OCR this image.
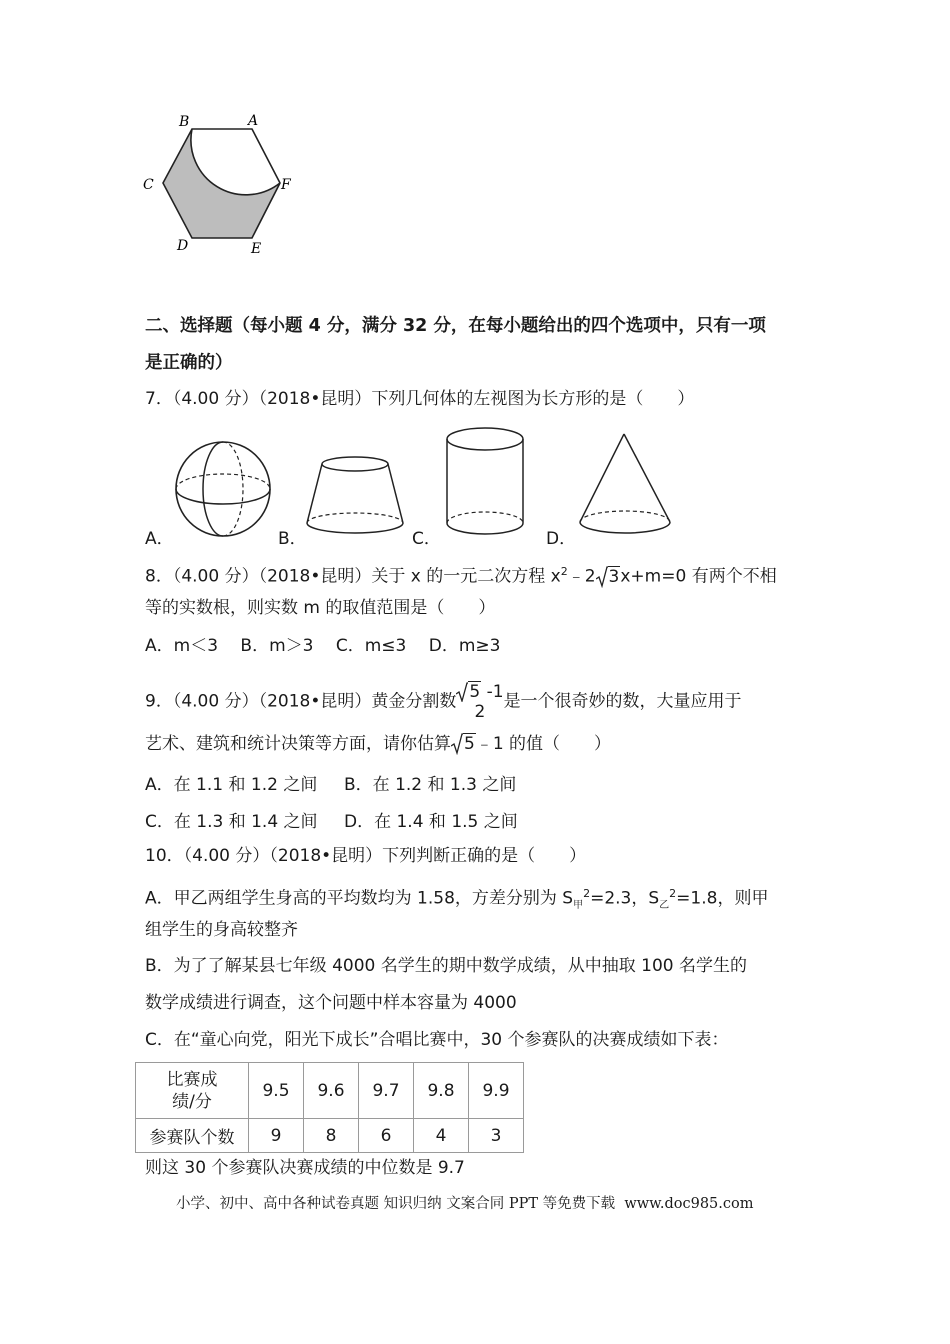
B	A
C	F
D	E
二、选择题（每小题 4 分，满分 32 分，在每小题给出的四个选项中，只有一项
是正确的）
7．（4.00 分）（2018•昆明）下列几何体的左视图为长方形的是（　　）
A．	B．	C．	D．
8．（4.00 分）（2018•昆明）关于 x 的一元二次方程 $x^2﹣2$ 3x+m=0 有两个不相
等的实数根，则实数 m 的取值范围是（　　）
A．m＜3　 B．m＞3　 C．m≤3　 D．m≥3
9．（4.00 分）（2018•昆明）黄金分割数 5 -1
2
是一个很奇妙的数，大量应用于
艺术、建筑和统计决策等方面，请你估算 5﹣1 的值（　　）
A．在 1.1 和 1.2 之间 B．在 1.2 和 1.3 之间
C．在 1.3 和 1.4 之间 D．在 1.4 和 1.5 之间
10．（4.00 分）（2018•昆明）下列判断正确的是（　　）
A．甲乙两组学生身高的平均数均为 1.58，方差分别为 $S_甲^2=2.3$，$S_乙^2=1.8$，则甲
组学生的身高较整齐
B．为了了解某县七年级 4000 名学生的期中数学成绩，从中抽取 100 名学生的
数学成绩进行调查，这个问题中样本容量为 4000
C．在“童心向党，阳光下成长”合唱比赛中，30 个参赛队的决赛成绩如下表：
比赛成
绩/分	9.5	9.6	9.7	9.8	9.9
参赛队个数	9	8	6	4	3
则这 30 个参赛队决赛成绩的中位数是 9.7
小学、初中、高中各种试卷真题 知识归纳 文案合同 PPT 等免费下载 www.doc985.com
